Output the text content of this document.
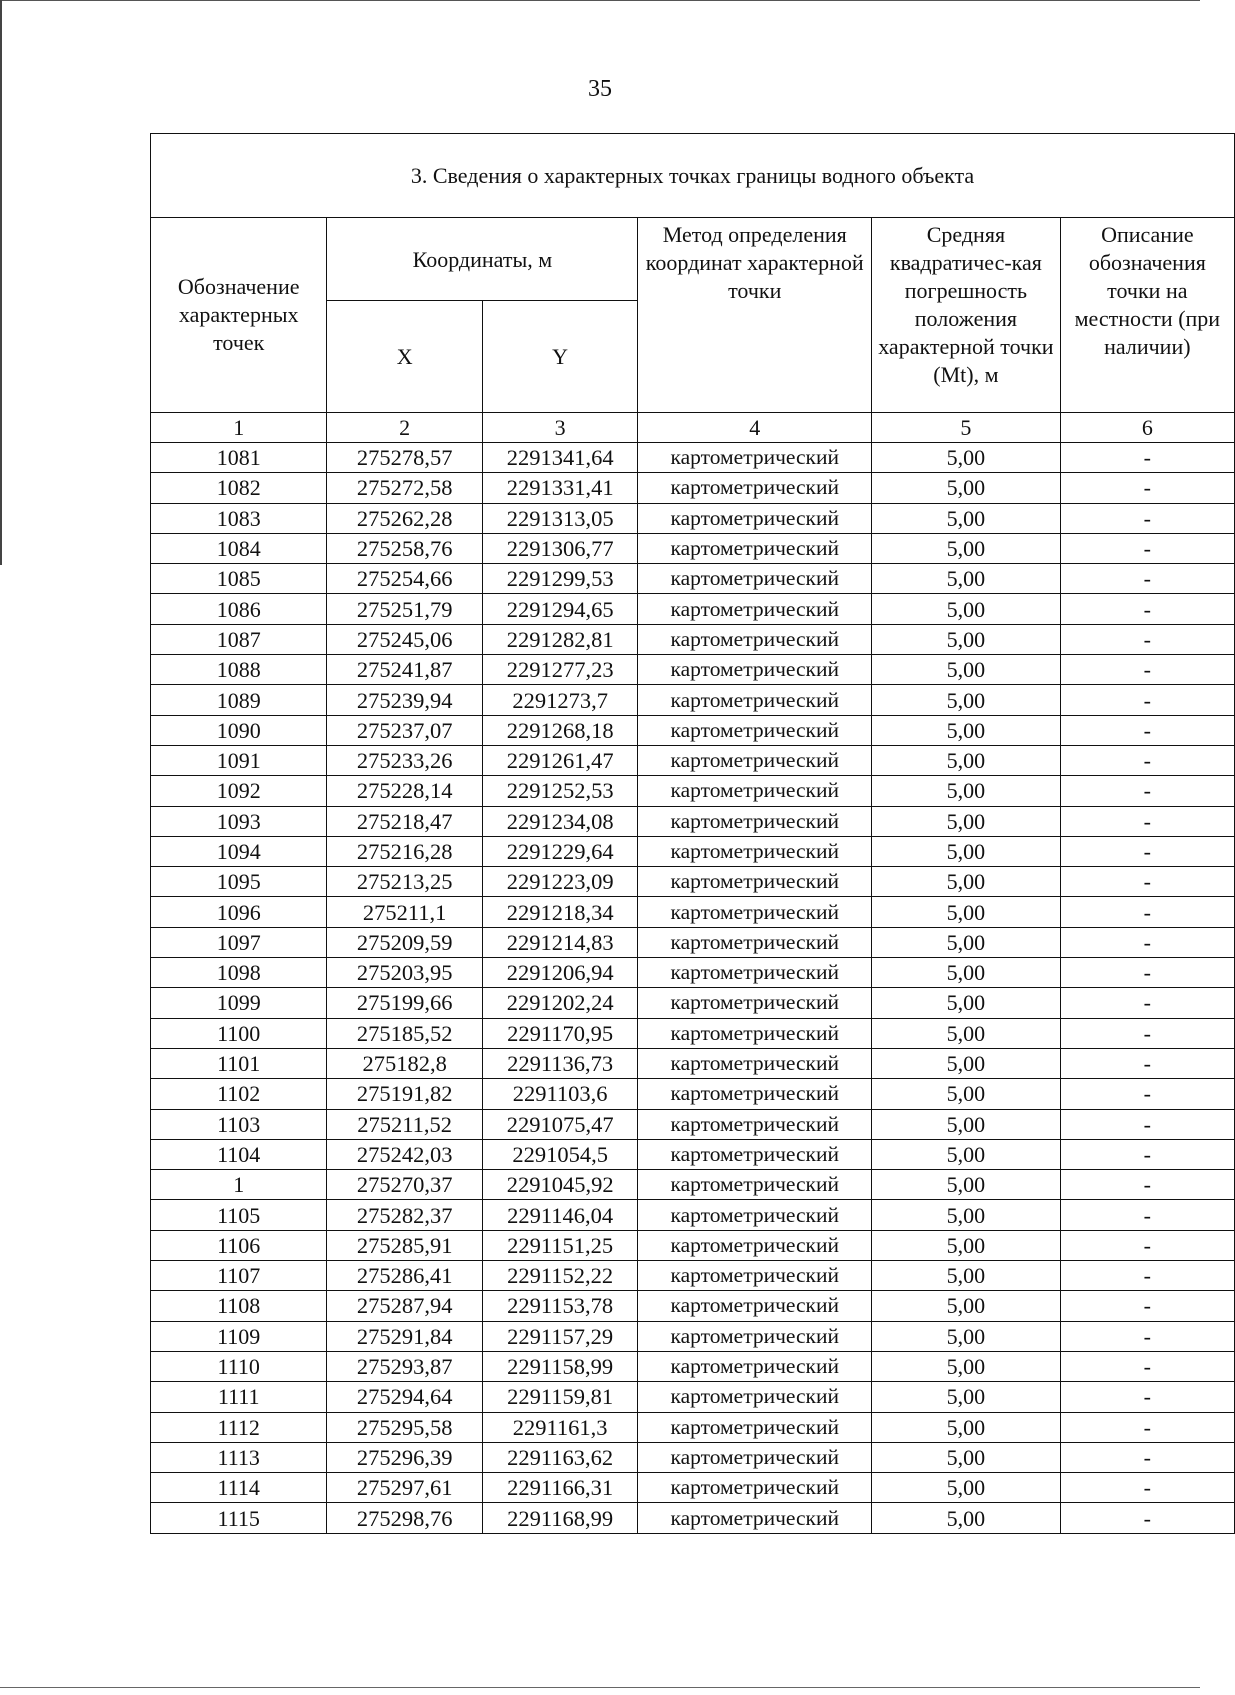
35
3. Сведения о характерных точках границы водного объекта					
Обозначение характерных точек	Координаты, м		Метод определения координат характерной точки	Средняя квадратичес-кая погрешность положения характерной точки (Mt), м	Описание обозначения точки на местности (при наличии)
	X	Y			
1	2	3	4	5	6
1081	275278,57	2291341,64	картометрический	5,00	-
1082	275272,58	2291331,41	картометрический	5,00	-
1083	275262,28	2291313,05	картометрический	5,00	-
1084	275258,76	2291306,77	картометрический	5,00	-
1085	275254,66	2291299,53	картометрический	5,00	-
1086	275251,79	2291294,65	картометрический	5,00	-
1087	275245,06	2291282,81	картометрический	5,00	-
1088	275241,87	2291277,23	картометрический	5,00	-
1089	275239,94	2291273,7	картометрический	5,00	-
1090	275237,07	2291268,18	картометрический	5,00	-
1091	275233,26	2291261,47	картометрический	5,00	-
1092	275228,14	2291252,53	картометрический	5,00	-
1093	275218,47	2291234,08	картометрический	5,00	-
1094	275216,28	2291229,64	картометрический	5,00	-
1095	275213,25	2291223,09	картометрический	5,00	-
1096	275211,1	2291218,34	картометрический	5,00	-
1097	275209,59	2291214,83	картометрический	5,00	-
1098	275203,95	2291206,94	картометрический	5,00	-
1099	275199,66	2291202,24	картометрический	5,00	-
1100	275185,52	2291170,95	картометрический	5,00	-
1101	275182,8	2291136,73	картометрический	5,00	-
1102	275191,82	2291103,6	картометрический	5,00	-
1103	275211,52	2291075,47	картометрический	5,00	-
1104	275242,03	2291054,5	картометрический	5,00	-
1	275270,37	2291045,92	картометрический	5,00	-
1105	275282,37	2291146,04	картометрический	5,00	-
1106	275285,91	2291151,25	картометрический	5,00	-
1107	275286,41	2291152,22	картометрический	5,00	-
1108	275287,94	2291153,78	картометрический	5,00	-
1109	275291,84	2291157,29	картометрический	5,00	-
1110	275293,87	2291158,99	картометрический	5,00	-
1111	275294,64	2291159,81	картометрический	5,00	-
1112	275295,58	2291161,3	картометрический	5,00	-
1113	275296,39	2291163,62	картометрический	5,00	-
1114	275297,61	2291166,31	картометрический	5,00	-
1115	275298,76	2291168,99	картометрический	5,00	-
